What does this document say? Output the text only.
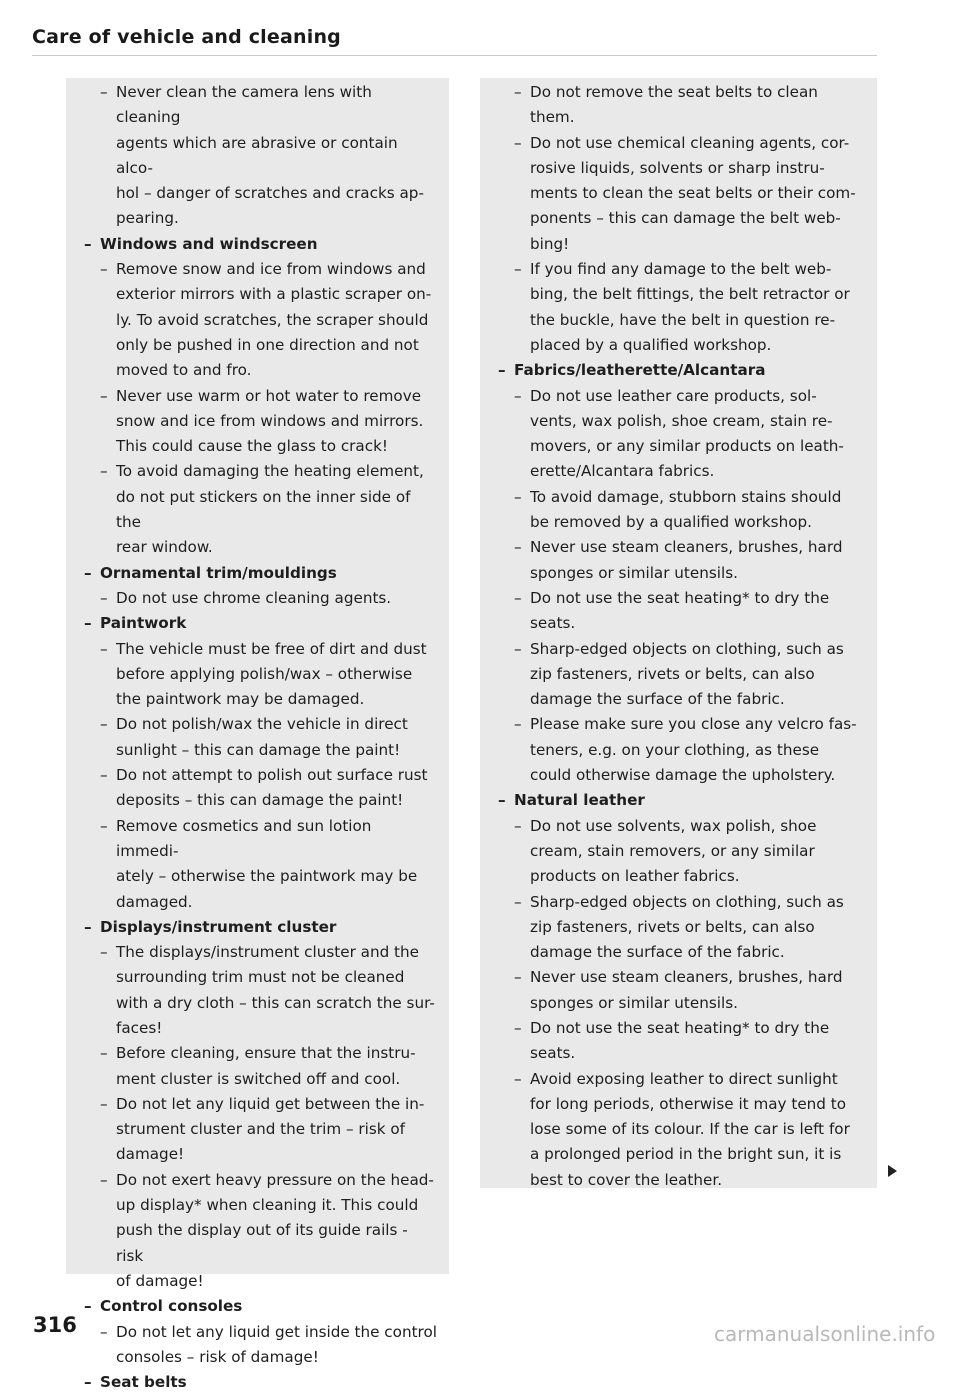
Care of vehicle and cleaning
– Never clean the camera lens with cleaning
agents which are abrasive or contain alco-
hol – danger of scratches and cracks ap-
pearing.
– Windows and windscreen
– Remove snow and ice from windows and
exterior mirrors with a plastic scraper on-
ly. To avoid scratches, the scraper should
only be pushed in one direction and not
moved to and fro.
– Never use warm or hot water to remove
snow and ice from windows and mirrors.
This could cause the glass to crack!
– To avoid damaging the heating element,
do not put stickers on the inner side of the
rear window.
– Ornamental trim/mouldings
– Do not use chrome cleaning agents.
– Paintwork
– The vehicle must be free of dirt and dust
before applying polish/wax – otherwise
the paintwork may be damaged.
– Do not polish/wax the vehicle in direct
sunlight – this can damage the paint!
– Do not attempt to polish out surface rust
deposits – this can damage the paint!
– Remove cosmetics and sun lotion immedi-
ately – otherwise the paintwork may be
damaged.
– Displays/instrument cluster
– The displays/instrument cluster and the
surrounding trim must not be cleaned
with a dry cloth – this can scratch the sur-
faces!
– Before cleaning, ensure that the instru-
ment cluster is switched off and cool.
– Do not let any liquid get between the in-
strument cluster and the trim – risk of
damage!
– Do not exert heavy pressure on the head-
up display* when cleaning it. This could
push the display out of its guide rails - risk
of damage!
– Control consoles
– Do not let any liquid get inside the control
consoles – risk of damage!
– Seat belts
– Do not remove the seat belts to clean
them.
– Do not use chemical cleaning agents, cor-
rosive liquids, solvents or sharp instru-
ments to clean the seat belts or their com-
ponents – this can damage the belt web-
bing!
– If you find any damage to the belt web-
bing, the belt fittings, the belt retractor or
the buckle, have the belt in question re-
placed by a qualified workshop.
– Fabrics/leatherette/Alcantara
– Do not use leather care products, sol-
vents, wax polish, shoe cream, stain re-
movers, or any similar products on leath-
erette/Alcantara fabrics.
– To avoid damage, stubborn stains should
be removed by a qualified workshop.
– Never use steam cleaners, brushes, hard
sponges or similar utensils.
– Do not use the seat heating* to dry the
seats.
– Sharp-edged objects on clothing, such as
zip fasteners, rivets or belts, can also
damage the surface of the fabric.
– Please make sure you close any velcro fas-
teners, e.g. on your clothing, as these
could otherwise damage the upholstery.
– Natural leather
– Do not use solvents, wax polish, shoe
cream, stain removers, or any similar
products on leather fabrics.
– Sharp-edged objects on clothing, such as
zip fasteners, rivets or belts, can also
damage the surface of the fabric.
– Never use steam cleaners, brushes, hard
sponges or similar utensils.
– Do not use the seat heating* to dry the
seats.
– Avoid exposing leather to direct sunlight
for long periods, otherwise it may tend to
lose some of its colour. If the car is left for
a prolonged period in the bright sun, it is
best to cover the leather.
316	carmanualsonline.info
